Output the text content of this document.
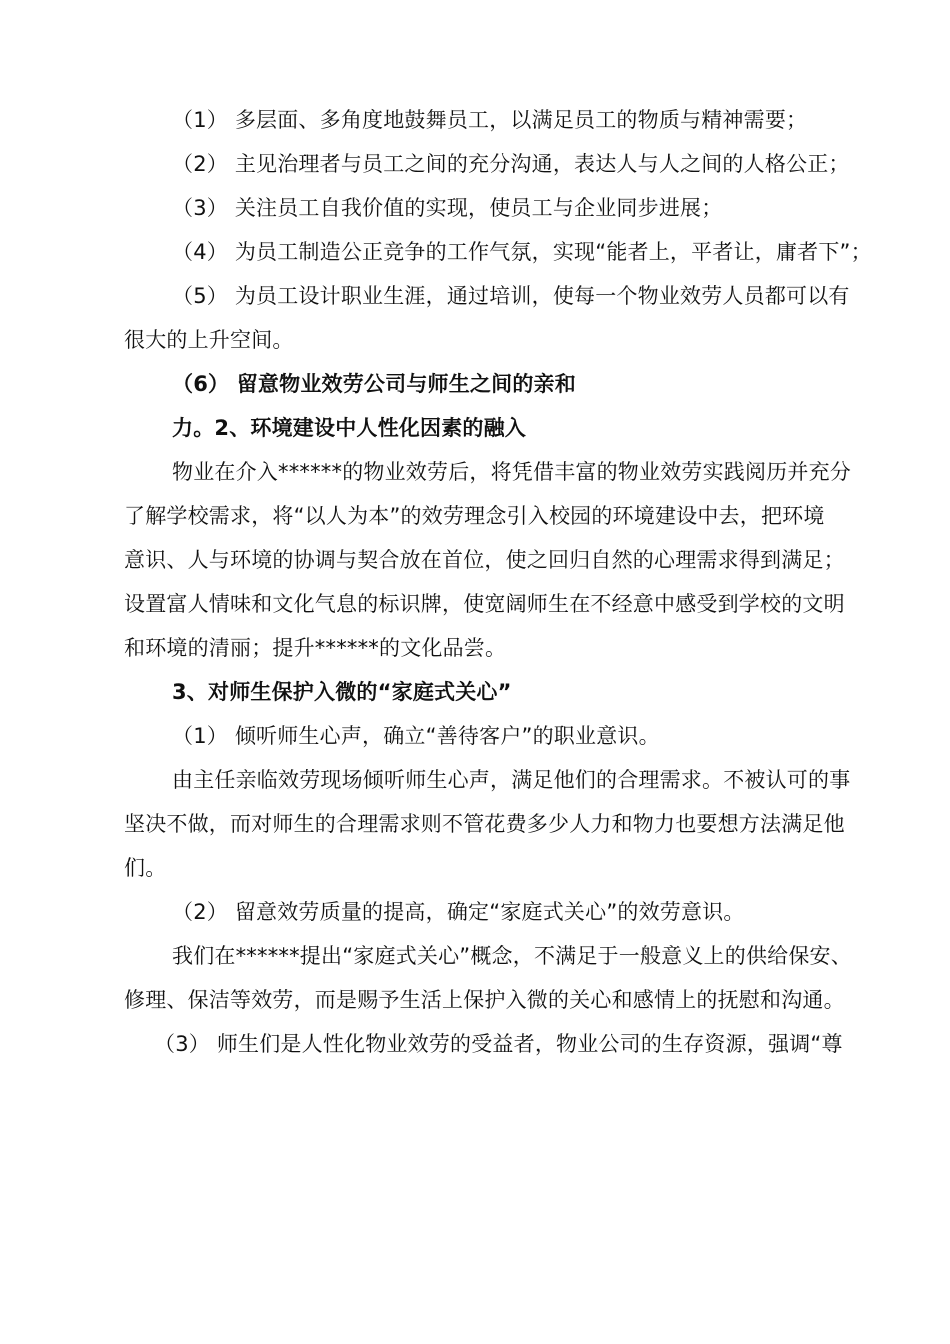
（1） 多层面、多角度地鼓舞员工，以满足员工的物质与精神需要；
（2） 主见治理者与员工之间的充分沟通，表达人与人之间的人格公正；
（3） 关注员工自我价值的实现，使员工与企业同步进展；
（4） 为员工制造公正竞争的工作气氛，实现“能者上，平者让，庸者下”；
（5） 为员工设计职业生涯，通过培训，使每一个物业效劳人员都可以有
很大的上升空间。
（6） 留意物业效劳公司与师生之间的亲和
力。2、环境建设中人性化因素的融入
物业在介入******的物业效劳后，将凭借丰富的物业效劳实践阅历并充分
了解学校需求，将“以人为本”的效劳理念引入校园的环境建设中去，把环境
意识、人与环境的协调与契合放在首位，使之回归自然的心理需求得到满足；
设置富人情味和文化气息的标识牌，使宽阔师生在不经意中感受到学校的文明
和环境的清丽；提升******的文化品尝。
3、对师生保护入微的“家庭式关心”
（1） 倾听师生心声，确立“善待客户”的职业意识。
由主任亲临效劳现场倾听师生心声，满足他们的合理需求。不被认可的事
坚决不做，而对师生的合理需求则不管花费多少人力和物力也要想方法满足他
们。
（2） 留意效劳质量的提高，确定“家庭式关心”的效劳意识。
我们在******提出“家庭式关心”概念，不满足于一般意义上的供给保安、
修理、保洁等效劳，而是赐予生活上保护入微的关心和感情上的抚慰和沟通。
（3） 师生们是人性化物业效劳的受益者，物业公司的生存资源，强调“尊
